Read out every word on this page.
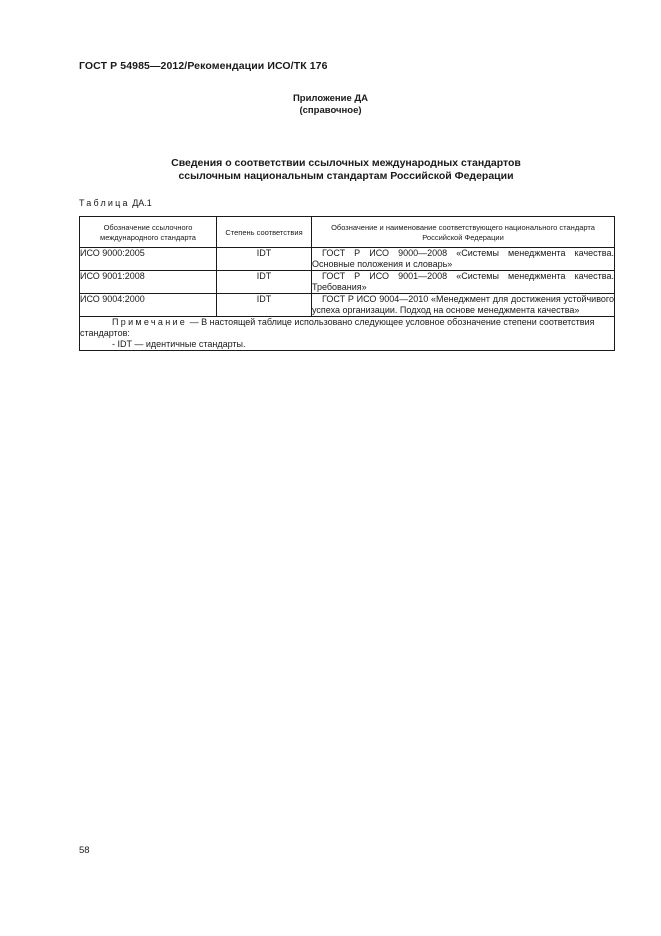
ГОСТ Р 54985—2012/Рекомендации ИСО/ТК 176
Приложение ДА
(справочное)
Сведения о соответствии ссылочных международных стандартов
ссылочным национальным стандартам Российской Федерации
Таблица ДА.1
Обозначение ссылочного международного стандарта	Степень соответствия	Обозначение и наименование соответствующего национального стандарта Российской Федерации
ИСО 9000:2005	IDT	ГОСТ Р ИСО 9000—2008 «Системы менеджмента качества. Основные положения и словарь»
ИСО 9001:2008	IDT	ГОСТ Р ИСО 9001—2008 «Системы менеджмента качества. Требования»
ИСО 9004:2000	IDT	ГОСТ Р ИСО 9004—2010 «Менеджмент для достижения устойчивого успеха организации. Подход на основе менеджмента качества»

Примечание — В настоящей таблице использовано следующее условное обозначение степени соответствия стандартов:
- IDT — идентичные стандарты.		
58
